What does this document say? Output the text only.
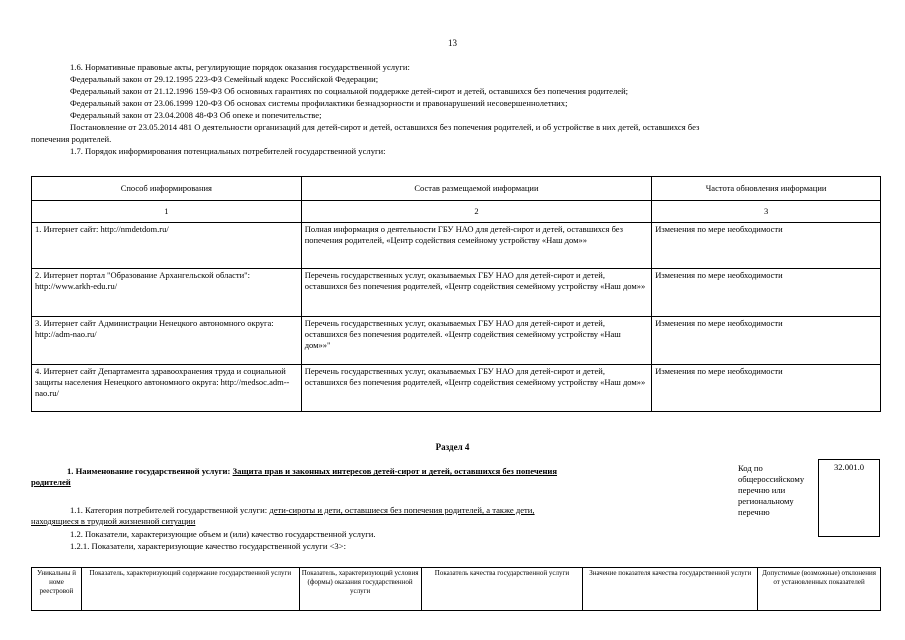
13
1.6. Нормативные правовые акты, регулирующие порядок оказания государственной услуги:
Федеральный закон от 29.12.1995 223-ФЗ Семейный кодекс Российской Федерации;
Федеральный закон от 21.12.1996 159-ФЗ Об основных гарантиях по социальной поддержке детей-сирот и детей, оставшихся без попечения родителей;
Федеральный закон от 23.06.1999 120-ФЗ Об основах системы профилактики безнадзорности и правонарушений несовершеннолетних;
Федеральный закон от 23.04.2008 48-ФЗ Об опеке и попечительстве;
Постановление от 23.05.2014 481 О деятельности организаций для детей-сирот и детей, оставшихся без попечения родителей, и об устройстве в них детей, оставшихся без
попечения родителей.
1.7. Порядок информирования потенциальных потребителей государственной услуги:
Способ информирования	Состав размещаемой информации	Частота обновления информации
1	2	3
1. Интернет сайт: http://nmdetdom.ru/	Полная информация о деятельности ГБУ НАО для детей-сирот и детей, оставшихся без попечения родителей, «Центр содействия семейному устройству «Наш дом»»	Изменения по мере необходимости
2. Интернет портал "Образование Архангельской области": http://www.arkh-edu.ru/	Перечень государственных услуг, оказываемых ГБУ НАО для детей-сирот и детей, оставшихся без попечения родителей, «Центр содействия семейному устройству «Наш дом»»	Изменения по мере необходимости
3. Интернет сайт Администрации Ненецкого автономного округа: http://adm-nao.ru/	Перечень государственных услуг, оказываемых ГБУ НАО для детей-сирот и детей, оставшихся без попечения родителей. «Центр содействия семейному устройству «Наш дом»»"	Изменения по мере необходимости
4. Интернет сайт Департамента здравоохранения труда и социальной защиты населения Ненецкого автономного округа: http://medsoc.adm--nao.ru/	Перечень государственных услуг, оказываемых ГБУ НАО для детей-сирот и детей, оставшихся без попечения родителей, «Центр содействия семейному устройству «Наш дом»»	Изменения по мере необходимости
Раздел 4
1. Наименование государственной услуги: Защита прав и законных интересов детей-сирот и детей, оставшихся без попечения
родителей
Код по общероссийскому перечню или региональному перечню
32.001.0
1.1. Категория потребителей государственной услуги: дети-сироты и дети, оставшиеся без попечения родителей, а также дети,
находящиеся в трудной жизненной ситуации
1.2. Показатели, характеризующие объем и (или) качество государственной услуги.
1.2.1. Показатели, характеризующие качество государственной услуги <3>:
Уникальны й номе реестровой	Показатель, характеризующий содержание государственной услуги	Показатель, характеризующий условия (формы) оказания государственной услуги	Показатель качества государственной услуги	Значение показателя качества государственной услуги	Допустимые (возможные) отклонения от установленных показателей
